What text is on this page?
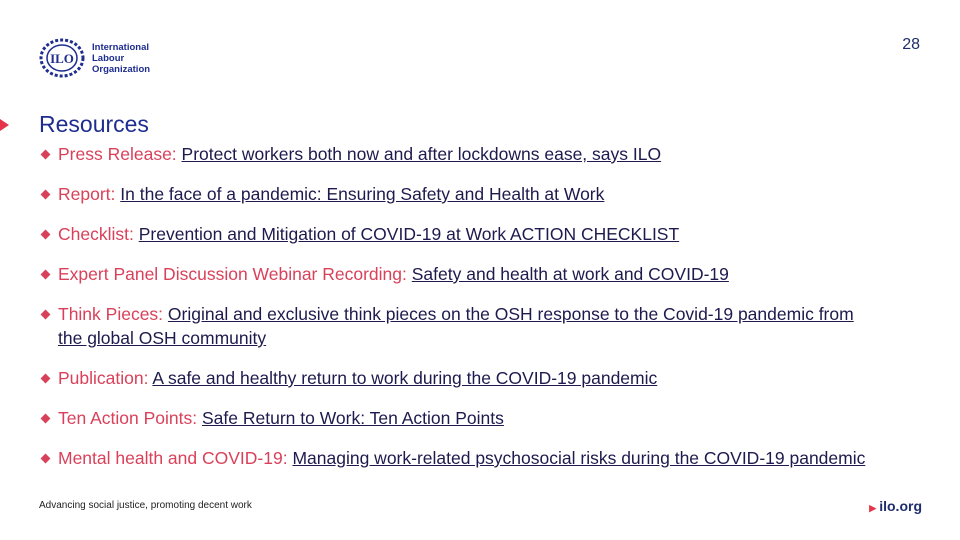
28
ILO
International
Labour
Organization
Resources
Press Release: Protect workers both now and after lockdowns ease, says ILO
Report: In the face of a pandemic: Ensuring Safety and Health at Work
Checklist: Prevention and Mitigation of COVID-19 at Work ACTION CHECKLIST
Expert Panel Discussion Webinar Recording: Safety and health at work and COVID-19
Think Pieces: Original and exclusive think pieces on the OSH response to the Covid-19 pandemic from the global OSH community
Publication: A safe and healthy return to work during the COVID-19 pandemic
Ten Action Points: Safe Return to Work: Ten Action Points
Mental health and COVID-19: Managing work-related psychosocial risks during the COVID-19 pandemic
Advancing social justice, promoting decent work	▶ ilo.org
